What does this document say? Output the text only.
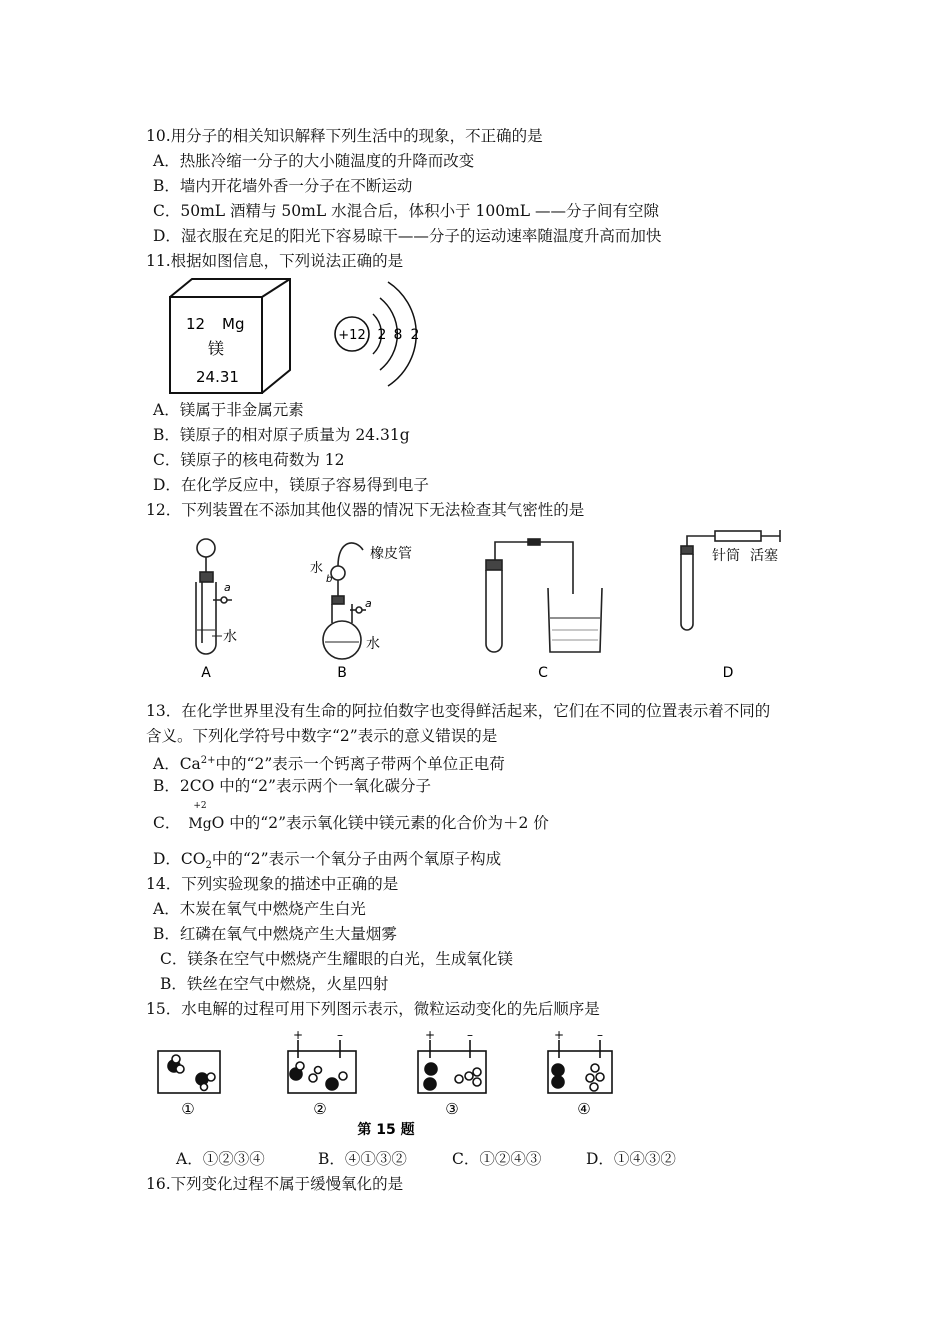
10.用分子的相关知识解释下列生活中的现象，不正确的是
A．热胀冷缩一分子的大小随温度的升降而改变
B．墙内开花墙外香一分子在不断运动
C．50mL 酒精与 50mL 水混合后，体积小于 100mL ——分子间有空隙
D．湿衣服在充足的阳光下容易晾干——分子的运动速率随温度升高而加快
11.根据如图信息，下列说法正确的是
12 Mg
镁
24.31
+12 2 8 2
A．镁属于非金属元素
B．镁原子的相对原子质量为 24.31g
C．镁原子的核电荷数为 12
D．在化学反应中，镁原子容易得到电子
12．下列装置在不添加其他仪器的情况下无法检查其气密性的是
a
水
A
水
b
a
橡皮管
水
B	C
针筒 活塞
D
13．在化学世界里没有生命的阿拉伯数字也变得鲜活起来，它们在不同的位置表示着不同的
含义。下列化学符号中数字“2”表示的意义错误的是
A．$Ca^{2+}$中的“2”表示一个钙离子带两个单位正电荷
B．2CO 中的“2”表示两个一氧化碳分子
C．
+2
MgO 中的“2”表示氧化镁中镁元素的化合价为＋2 价
D．$CO_2$中的“2”表示一个氧分子由两个氧原子构成
14．下列实验现象的描述中正确的是
A．木炭在氧气中燃烧产生白光
B．红磷在氧气中燃烧产生大量烟雾
C．镁条在空气中燃烧产生耀眼的白光，生成氧化镁
B．铁丝在空气中燃烧，火星四射
15．水电解的过程可用下列图示表示，微粒运动变化的先后顺序是
①
+	–
②
+	–
③
+	–
④
第 15 题
A．①②③④	B．④①③②	C．①②④③	D．①④③②
16.下列变化过程不属于缓慢氧化的是
